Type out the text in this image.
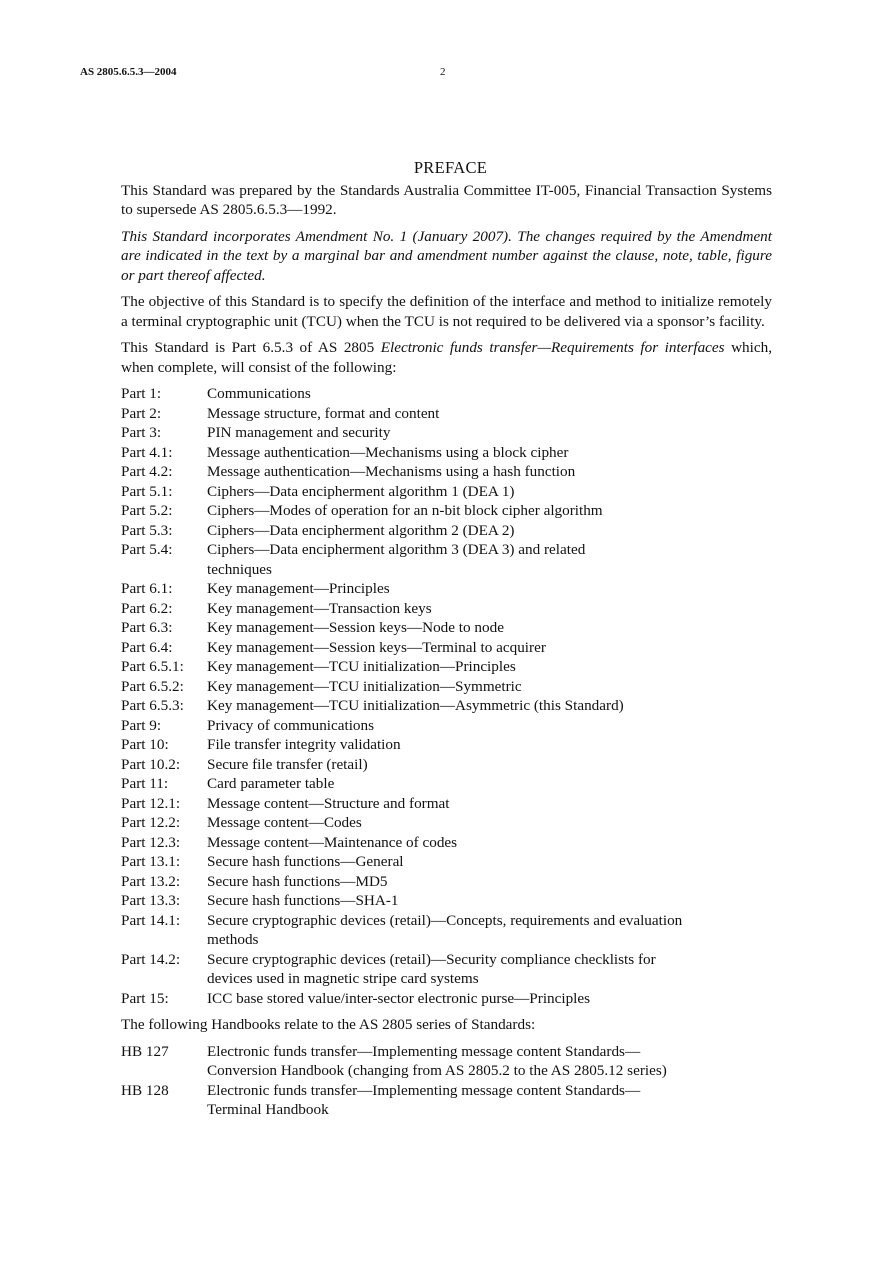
AS 2805.6.5.3—2004	2
PREFACE

This Standard was prepared by the Standards Australia Committee IT-005, Financial Transaction Systems to supersede AS 2805.6.5.3—1992.

This Standard incorporates Amendment No. 1 (January 2007). The changes required by the Amendment are indicated in the text by a marginal bar and amendment number against the clause, note, table, figure or part thereof affected.

The objective of this Standard is to specify the definition of the interface and method to initialize remotely a terminal cryptographic unit (TCU) when the TCU is not required to be delivered via a sponsor’s facility.

This Standard is Part 6.5.3 of AS 2805 Electronic funds transfer—Requirements for interfaces which, when complete, will consist of the following:

Part 1:	Communications
Part 2:	Message structure, format and content
Part 3:	PIN management and security
Part 4.1:	Message authentication—Mechanisms using a block cipher
Part 4.2:	Message authentication—Mechanisms using a hash function
Part 5.1:	Ciphers—Data encipherment algorithm 1 (DEA 1)
Part 5.2:	Ciphers—Modes of operation for an n-bit block cipher algorithm
Part 5.3:	Ciphers—Data encipherment algorithm 2 (DEA 2)
Part 5.4:	Ciphers—Data encipherment algorithm 3 (DEA 3) and related
techniques
Part 6.1:	Key management—Principles
Part 6.2:	Key management—Transaction keys
Part 6.3:	Key management—Session keys—Node to node
Part 6.4:	Key management—Session keys—Terminal to acquirer
Part 6.5.1:	Key management—TCU initialization—Principles
Part 6.5.2:	Key management—TCU initialization—Symmetric
Part 6.5.3:	Key management—TCU initialization—Asymmetric (this Standard)
Part 9:	Privacy of communications
Part 10:	File transfer integrity validation
Part 10.2:	Secure file transfer (retail)
Part 11:	Card parameter table
Part 12.1:	Message content—Structure and format
Part 12.2:	Message content—Codes
Part 12.3:	Message content—Maintenance of codes
Part 13.1:	Secure hash functions—General
Part 13.2:	Secure hash functions—MD5
Part 13.3:	Secure hash functions—SHA-1
Part 14.1:	Secure cryptographic devices (retail)—Concepts, requirements and evaluation
methods
Part 14.2:	Secure cryptographic devices (retail)—Security compliance checklists for
devices used in magnetic stripe card systems
Part 15:	ICC base stored value/inter-sector electronic purse—Principles

The following Handbooks relate to the AS 2805 series of Standards:

HB 127	Electronic funds transfer—Implementing message content Standards—
Conversion Handbook (changing from AS 2805.2 to the AS 2805.12 series)
HB 128	Electronic funds transfer—Implementing message content Standards—
Terminal Handbook
